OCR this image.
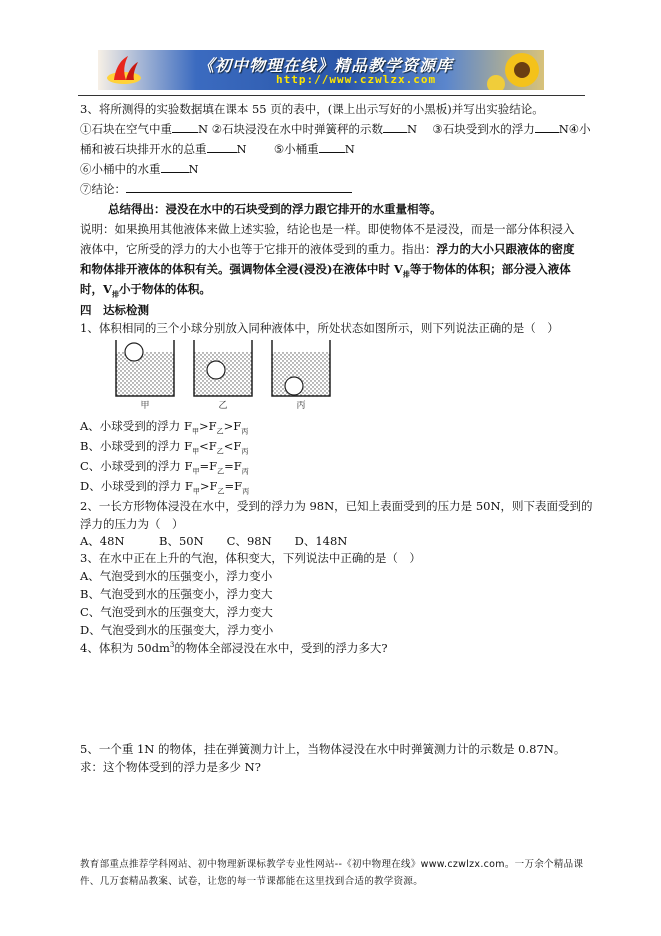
《初中物理在线》精品教学资源库
http://www.czwlzx.com
3、将所测得的实验数据填在课本 55 页的表中，(课上出示写好的小黑板)并写出实验结论。
①石块在空气中重 N ②石块浸没在水中时弹簧秤的示数 N ③石块受到水的浮力 N④小
桶和被石块排开水的总重	N ⑤小桶重 N
⑥小桶中的水重 N
⑦结论：
总结得出：浸没在水中的石块受到的浮力跟它排开的水重量相等。
说明：如果换用其他液体来做上述实验，结论也是一样。即使物体不是浸没，而是一部分体积浸入
液体中，它所受的浮力的大小也等于它排开的液体受到的重力。指出：浮力的大小只跟液体的密度
和物体排开液体的体积有关。强调物体全浸(浸没)在液体中时 $V_排$等于物体的体积；部分浸入液体
时，$V_排$小于物体的体积。
四　达标检测
1、体积相同的三个小球分别放入同种液体中，所处状态如图所示，则下列说法正确的是（　）
甲	乙	丙
A、小球受到的浮力 $F_甲>F_乙>F_丙$
B、小球受到的浮力 $F_甲<F_乙<F_丙$
C、小球受到的浮力 $F_甲=F_乙=F_丙$
D、小球受到的浮力 $F_甲>F_乙=F_丙$
2、一长方形物体浸没在水中，受到的浮力为 98N，已知上表面受到的压力是 50N，则下表面受到的
浮力的压力为（　）
A、48N　　　B、50N　　C、98N　　D、148N
3、在水中正在上升的气泡，体积变大，下列说法中正确的是（　）
A、气泡受到水的压强变小，浮力变小
B、气泡受到水的压强变小，浮力变大
C、气泡受到水的压强变大，浮力变大
D、气泡受到水的压强变大，浮力变小
4、体积为 $50dm^3$的物体全部浸没在水中，受到的浮力多大?
5、一个重 1N 的物体，挂在弹簧测力计上，当物体浸没在水中时弹簧测力计的示数是 0.87N。
求：这个物体受到的浮力是多少 N?
教育部重点推荐学科网站、初中物理新课标教学专业性网站--《初中物理在线》www.czwlzx.com。一万余个精品课
件、几万套精品教案、试卷，让您的每一节课都能在这里找到合适的教学资源。
